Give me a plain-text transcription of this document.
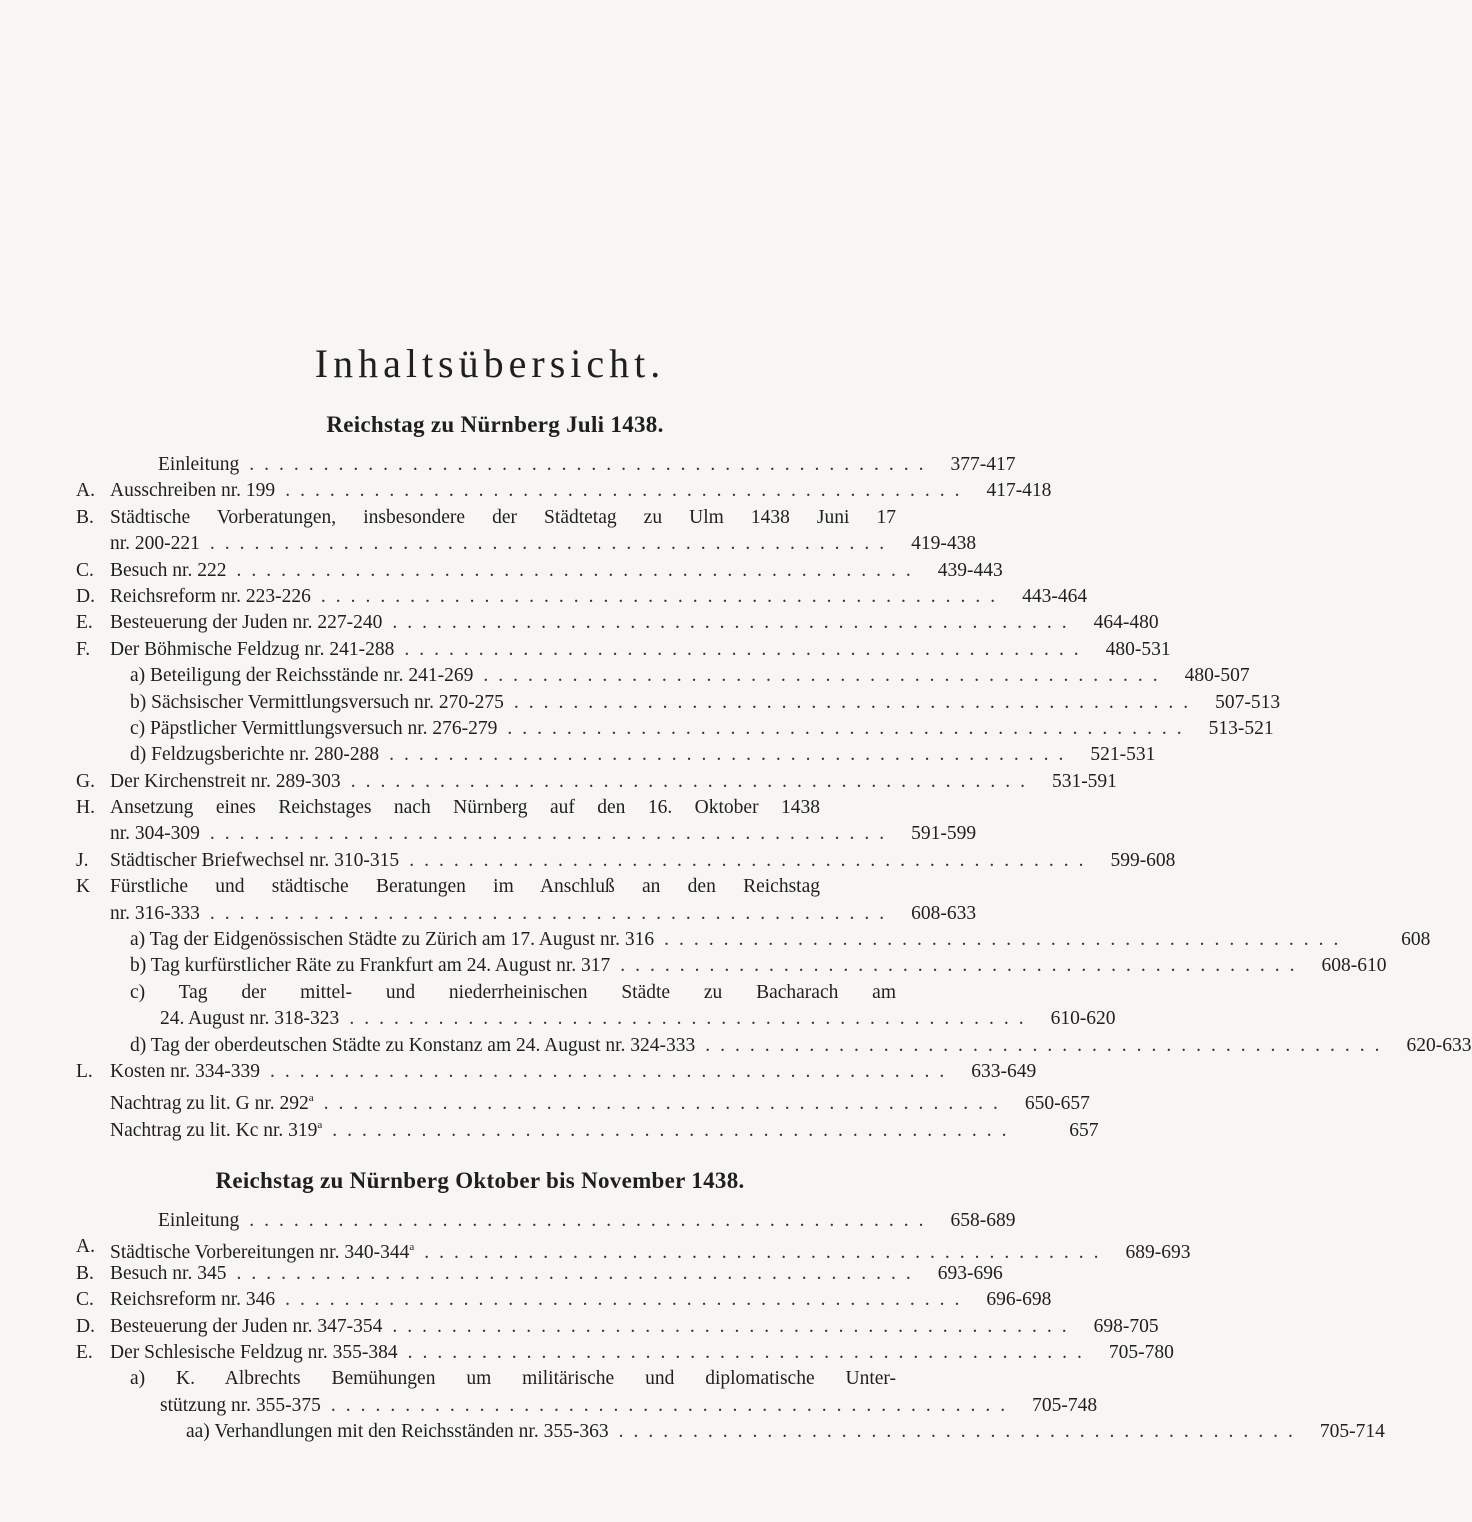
Inhaltsübersicht.
Reichstag zu Nürnberg Juli 1438.
Einleitung .............................................. 377-417
A. Ausschreiben nr. 199 .............................................. 417-418
B. Städtische Vorberatungen, insbesondere der Städtetag zu Ulm 1438 Juni 17
nr. 200-221 .............................................. 419-438
C. Besuch nr. 222 .............................................. 439-443
D. Reichsreform nr. 223-226 .............................................. 443-464
E. Besteuerung der Juden nr. 227-240 .............................................. 464-480
F. Der Böhmische Feldzug nr. 241-288 .............................................. 480-531
a) Beteiligung der Reichsstände nr. 241-269 .............................................. 480-507
b) Sächsischer Vermittlungsversuch nr. 270-275 .............................................. 507-513
c) Päpstlicher Vermittlungsversuch nr. 276-279 .............................................. 513-521
d) Feldzugsberichte nr. 280-288 .............................................. 521-531
G. Der Kirchenstreit nr. 289-303 .............................................. 531-591
H. Ansetzung eines Reichstages nach Nürnberg auf den 16. Oktober 1438
nr. 304-309 .............................................. 591-599
J. Städtischer Briefwechsel nr. 310-315 .............................................. 599-608
K Fürstliche und städtische Beratungen im Anschluß an den Reichstag
nr. 316-333 .............................................. 608-633
a) Tag der Eidgenössischen Städte zu Zürich am 17. August nr. 316 ..............................................	608
b) Tag kurfürstlicher Räte zu Frankfurt am 24. August nr. 317 .............................................. 608-610
c) Tag der mittel- und niederrheinischen Städte zu Bacharach am
24. August nr. 318-323 .............................................. 610-620
d) Tag der oberdeutschen Städte zu Konstanz am 24. August nr. 324-333 .............................................. 620-633
L. Kosten nr. 334-339 .............................................. 633-649
Nachtrag zu lit. G nr. 292$^a$ .............................................. 650-657
Nachtrag zu lit. Kc nr. 319$^a$ ..............................................	657
Reichstag zu Nürnberg Oktober bis November 1438.
Einleitung .............................................. 658-689
A. Städtische Vorbereitungen nr. 340-344$^a$ .............................................. 689-693
B. Besuch nr. 345 .............................................. 693-696
C. Reichsreform nr. 346 .............................................. 696-698
D. Besteuerung der Juden nr. 347-354 .............................................. 698-705
E. Der Schlesische Feldzug nr. 355-384 .............................................. 705-780
a) K. Albrechts Bemühungen um militärische und diplomatische Unter-
stützung nr. 355-375 .............................................. 705-748
aa) Verhandlungen mit den Reichsständen nr. 355-363 .............................................. 705-714
